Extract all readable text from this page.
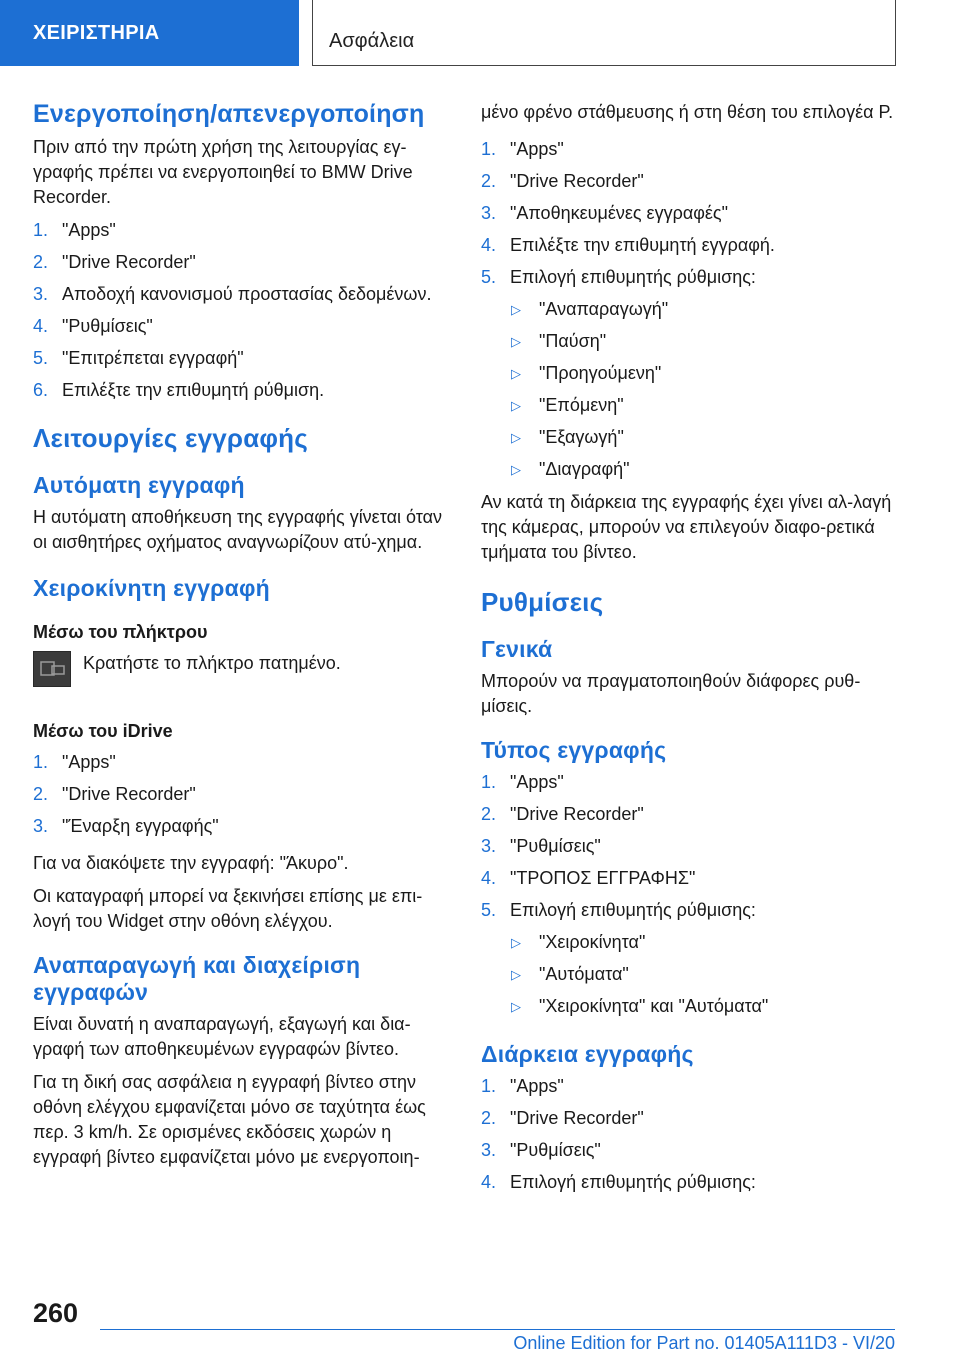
ΧΕΙΡΙΣΤΗΡΙΑ	Ασφάλεια
Ενεργοποίηση/απενεργοποίηση

Πριν από την πρώτη χρήση της λειτουργίας εγ-γραφής πρέπει να ενεργοποιηθεί το BMW Drive Recorder.

1. "Apps"
2. "Drive Recorder"
3. Αποδοχή κανονισμού προστασίας δεδομένων.
4. "Ρυθμίσεις"
5. "Επιτρέπεται εγγραφή"
6. Επιλέξτε την επιθυμητή ρύθμιση.
Λειτουργίες εγγραφής
Αυτόματη εγγραφή

Η αυτόματη αποθήκευση της εγγραφής γίνεται όταν οι αισθητήρες οχήματος αναγνωρίζουν ατύ-χημα.

Χειροκίνητη εγγραφή
Μέσω του πλήκτρου
Κρατήστε το πλήκτρο πατημένο.
Μέσω του iDrive
1. "Apps"
2. "Drive Recorder"
3. "Έναρξη εγγραφής"

Για να διακόψετε την εγγραφή: "Άκυρο".

Οι καταγραφή μπορεί να ξεκινήσει επίσης με επι-λογή του Widget στην οθόνη ελέγχου.

Αναπαραγωγή και διαχείριση
εγγραφών

Είναι δυνατή η αναπαραγωγή, εξαγωγή και δια-γραφή των αποθηκευμένων εγγραφών βίντεο.

Για τη δική σας ασφάλεια η εγγραφή βίντεο στην οθόνη ελέγχου εμφανίζεται μόνο σε ταχύτητα έως περ. 3 km/h. Σε ορισμένες εκδόσεις χωρών η εγγραφή βίντεο εμφανίζεται μόνο με ενεργοποιη-

μένο φρένο στάθμευσης ή στη θέση του επιλογέα P.

1. "Apps"
2. "Drive Recorder"
3. "Αποθηκευμένες εγγραφές"
4. Επιλέξτε την επιθυμητή εγγραφή.
5. Επιλογή επιθυμητής ρύθμισης:
▷ "Αναπαραγωγή"
▷ "Παύση"
▷ "Προηγούμενη"
▷ "Επόμενη"
▷ "Εξαγωγή"
▷ "Διαγραφή"

Αν κατά τη διάρκεια της εγγραφής έχει γίνει αλ-λαγή της κάμερας, μπορούν να επιλεγούν διαφο-ρετικά τμήματα του βίντεο.

Ρυθμίσεις
Γενικά

Μπορούν να πραγματοποιηθούν διάφορες ρυθ-μίσεις.

Τύπος εγγραφής
1. "Apps"
2. "Drive Recorder"
3. "Ρυθμίσεις"
4. "ΤΡΟΠΟΣ ΕΓΓΡΑΦΗΣ"
5. Επιλογή επιθυμητής ρύθμισης:
▷ "Χειροκίνητα"
▷ "Αυτόματα"
▷ "Χειροκίνητα" και "Αυτόματα"
Διάρκεια εγγραφής
1. "Apps"
2. "Drive Recorder"
3. "Ρυθμίσεις"
4. Επιλογή επιθυμητής ρύθμισης:
260
Online Edition for Part no. 01405A111D3 - VI/20
